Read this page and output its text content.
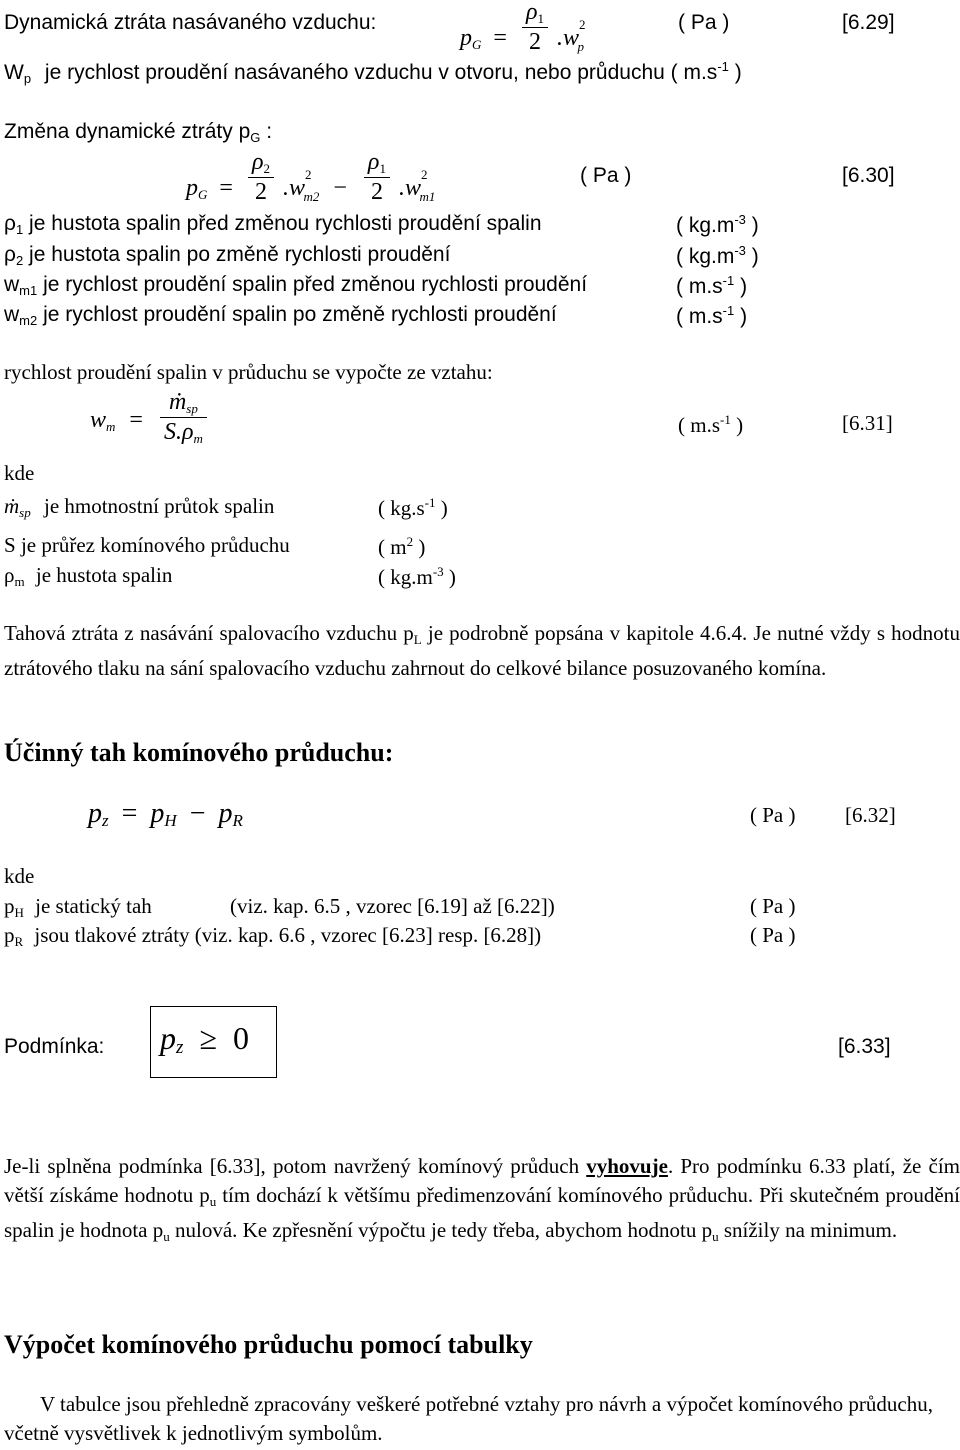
Dynamická ztráta nasávaného vzduchu:
$p_G = \frac{\rho_1}{2} .w^2_p$
( Pa )	[6.29]
$W_p$ je rychlost proudění nasávaného vzduchu v otvoru, nebo průduchu ( $m.s^{-1}$ )
Změna dynamické ztráty $p_G$ :
$p_G = \frac{\rho_2}{2} .w^2_{m2} - \frac{\rho_1}{2} .w^2_{m1}$
( Pa )	[6.30]
$\rho_1$ je hustota spalin před změnou rychlosti proudění spalin	( $kg.m^{-3}$ )
$\rho_2$ je hustota spalin po změně rychlosti proudění	( $kg.m^{-3}$ )
$w_{m1}$ je rychlost proudění spalin před změnou rychlosti proudění	( $m.s^{-1}$ )
$w_{m2}$ je rychlost proudění spalin po změně rychlosti proudění	( $m.s^{-1}$ )
rychlost proudění spalin v průduchu se vypočte ze vztahu:
$w_m = \frac{ṁ_{sp}}{S.\rho_m}$	( $m.s^{-1}$ )	[6.31]
kde
ṁ$_{sp}$ je hmotnostní průtok spalin	( $kg.s^{-1}$ )
S je průřez komínového průduchu	( $m^2$ )
$\rho_m$ je hustota spalin	( $kg.m^{-3}$ )
Tahová ztráta z nasávání spalovacího vzduchu $p_L$ je podrobně popsána v kapitole 4.6.4. Je nutné vždy s hodnotu ztrátového tlaku na sání spalovacího vzduchu zahrnout do celkové bilance posuzovaného komína.
Účinný tah komínového průduchu:
$p_z = p_H - p_R$	( Pa ) [6.32]
kde
$p_H$ je statický tah	(viz. kap. 6.5 , vzorec [6.19] až [6.22])	( Pa )
$p_R$ jsou tlakové ztráty (viz. kap. 6.6 , vzorec [6.23] resp. [6.28])	( Pa )
Podmínka: $p_z \ge 0$	[6.33]
Je-li splněna podmínka [6.33], potom navržený komínový průduch vyhovuje. Pro podmínku 6.33 platí, že čím větší získáme hodnotu $p_u$ tím dochází k většímu předimenzování komínového průduchu. Při skutečném proudění spalin je hodnota $p_u$ nulová. Ke zpřesnění výpočtu je tedy třeba, abychom hodnotu $p_u$ snížily na minimum.
Výpočet komínového průduchu pomocí tabulky
V tabulce jsou přehledně zpracovány veškeré potřebné vztahy pro návrh a výpočet komínového průduchu, včetně vysvětlivek k jednotlivým symbolům.
